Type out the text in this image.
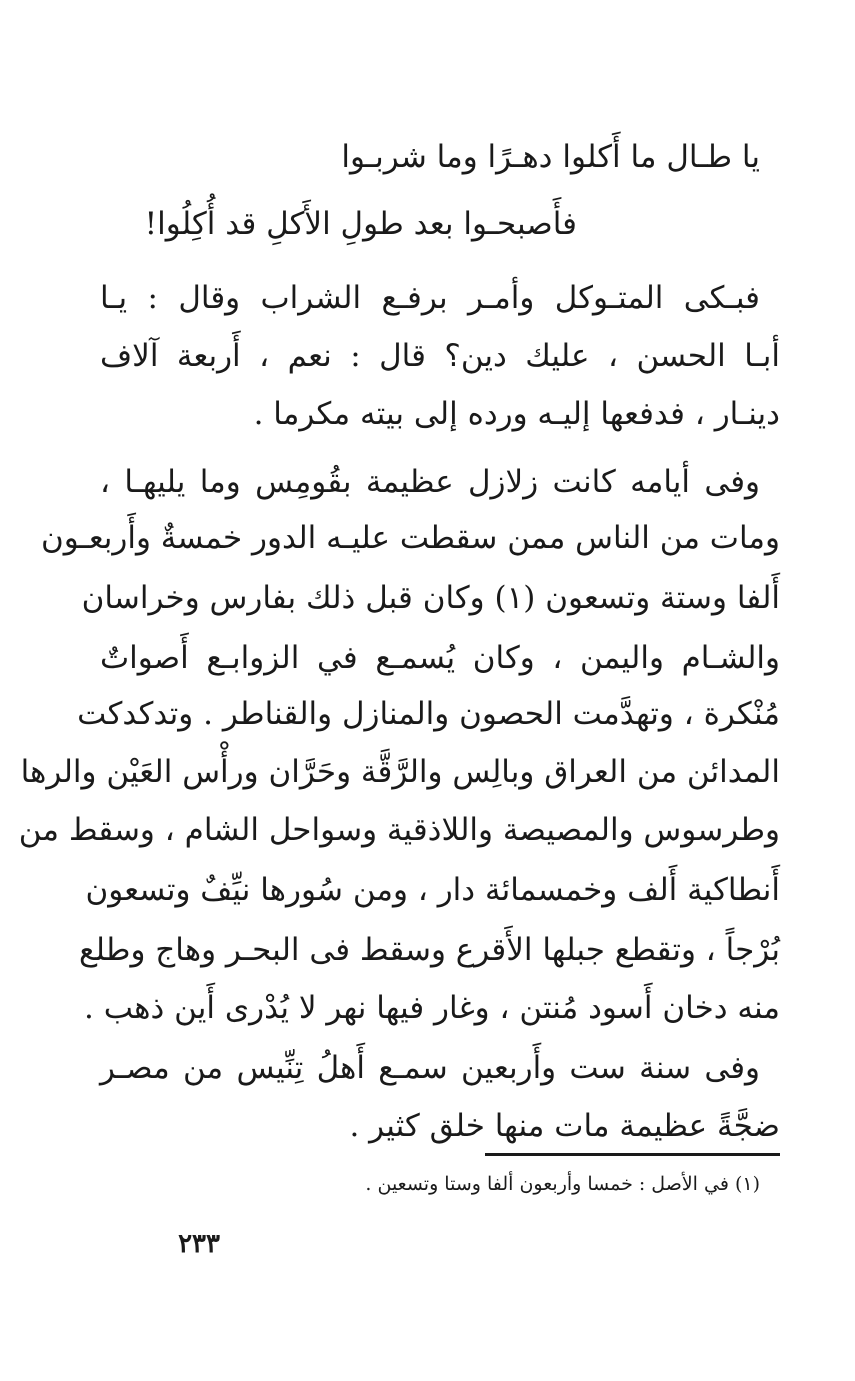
يا طـال ما أَكلوا دهـرًا وما شربـوا
فأَصبحـوا بعد طولِ الأَكلِ قد أُكِلُوا!
فبـكى المتـوكل وأمـر برفـع الشراب وقال : يـا
أبـا الحسن ، عليك دين؟ قال : نعم ، أَربعة آلاف
دينـار ، فدفعها إليـه ورده إلى بيته مكرما .
وفى أيامه كانت زلازل عظيمة بقُومِس وما يليهـا ،
ومات من الناس ممن سقطت عليـه الدور خمسةٌ وأَربعـون
أَلفا وستة وتسعون (١) وكان قبل ذلك بفارس وخراسان
والشـام واليمن ، وكان يُسمـع في الزوابـع أَصواتٌ
مُنْكرة ، وتهدَّمت الحصون والمنازل والقناطر . وتدكدكت
المدائن من العراق وبالِس والرَّقَّة وحَرَّان ورأْس العَيْن والرها
وطرسوس والمصيصة واللاذقية وسواحل الشام ، وسقط من
أَنطاكية أَلف وخمسمائة دار ، ومن سُورها نيِّفٌ وتسعون
بُرْجاً ، وتقطع جبلها الأَقرع وسقط فى البحـر وهاج وطلع
منه دخان أَسود مُنتن ، وغار فيها نهر لا يُدْرى أَين ذهب .
وفى سنة ست وأَربعين سمـع أَهلُ تِنِّيس من مصـر
ضجَّةً عظيمة مات منها خلق كثير .
(١) في الأصل : خمسا وأربعون ألفا وستا وتسعين .
٢٣٣
